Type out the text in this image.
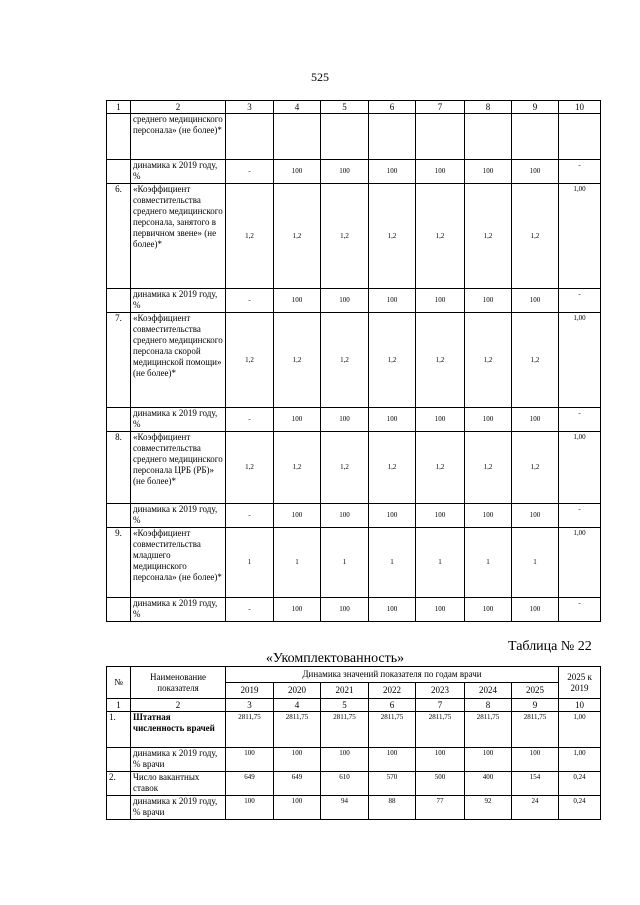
525
1	2	3	4	5	6	7	8	9	10
	среднего медицинского персонала» (не более)*								
	динамика к 2019 году, %	-	100	100	100	100	100	100	-
6.	«Коэффициент совместительства среднего медицинского персонала, занятого в первичном звене» (не более)*	1,2	1,2	1,2	1,2	1,2	1,2	1,2	1,00
	динамика к 2019 году, %	-	100	100	100	100	100	100	-
7.	«Коэффициент совместительства среднего медицинского персонала скорой медицинской помощи» (не более)*	1,2	1,2	1,2	1,2	1,2	1,2	1,2	1,00
	динамика к 2019 году, %	-	100	100	100	100	100	100	-
8.	«Коэффициент совместительства среднего медицинского персонала ЦРБ (РБ)» (не более)*	1,2	1,2	1,2	1,2	1,2	1,2	1,2	1,00
	динамика к 2019 году, %	-	100	100	100	100	100	100	-
9.	«Коэффициент совместительства младшего медицинского персонала» (не более)*	1	1	1	1	1	1	1	1,00
	динамика к 2019 году, %	-	100	100	100	100	100	100	-
Таблица № 22
«Укомплектованность»
№	Наименование показателя	Динамика значений показателя по годам врачи							2025 к 2019
		2019	2020	2021	2022	2023	2024	2025	
1	2	3	4	5	6	7	8	9	10
1.	Штатная численность врачей	2811,75	2811,75	2811,75	2811,75	2811,75	2811,75	2811,75	1,00
	динамика к 2019 году, % врачи	100	100	100	100	100	100	100	1,00
2.	Число вакантных ставок	649	649	610	570	500	400	154	0,24
	динамика к 2019 году, % врачи	100	100	94	88	77	92	24	0,24
